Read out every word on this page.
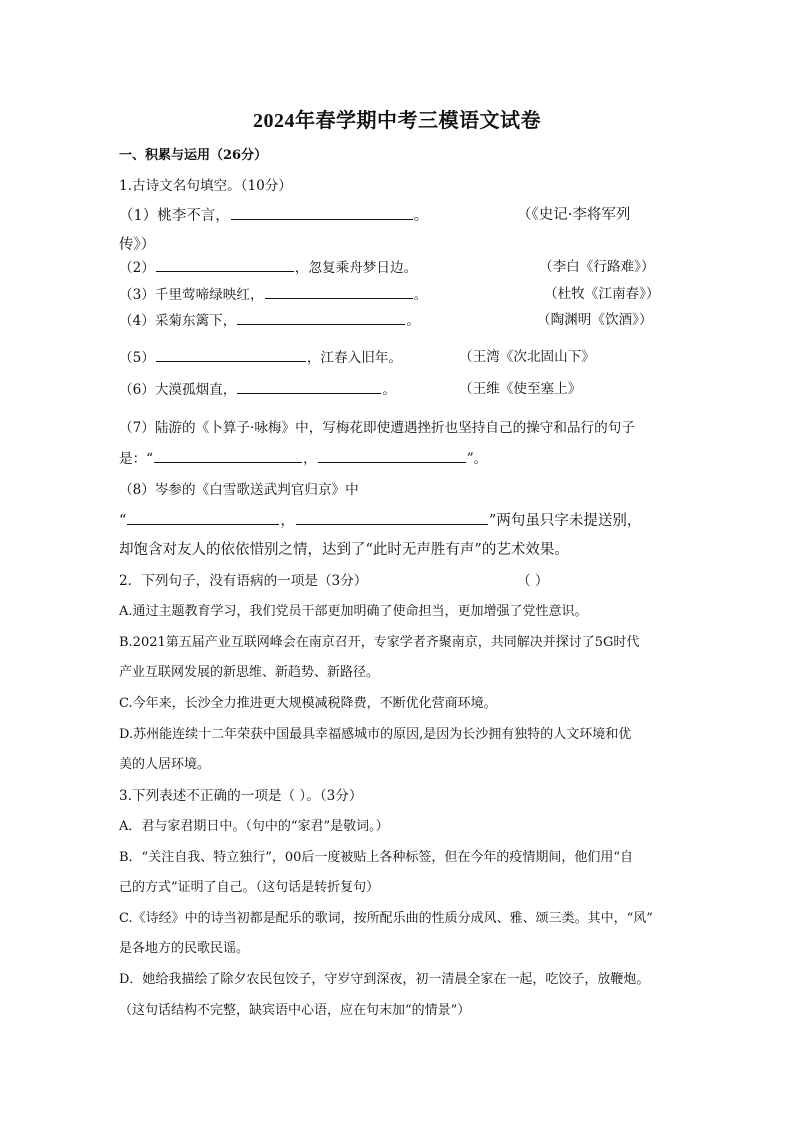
2024年春学期中考三模语文试卷
一、积累与运用（26分）
1.古诗文名句填空。（10分）
（1）桃李不言，	。	（《史记·李将军列
传》）
（2）	，忽复乘舟梦日边。	（李白《行路难》）
（3）千里莺啼绿映红，	。	（杜牧《江南春》）
（4）采菊东篱下，	。	（陶渊明《饮酒》）
（5）	，江春入旧年。	（王湾《次北固山下》
（6）大漠孤烟直，	。	（王维《使至塞上》
（7）陆游的《卜算子·咏梅》中，写梅花即使遭遇挫折也坚持自己的操守和品行的句子
是：“	，	”。
（8）岑参的《白雪歌送武判官归京》中
“	，	”两句虽只字未提送别，
却饱含对友人的依依惜别之情，达到了“此时无声胜有声”的艺术效果。
2．下列句子，没有语病的一项是（3分）	（ ）
A.通过主题教育学习，我们党员干部更加明确了使命担当，更加增强了党性意识。
B.2021第五届产业互联网峰会在南京召开，专家学者齐聚南京，共同解决并探讨了5G时代
产业互联网发展的新思维、新趋势、新路径。
C.今年来，长沙全力推进更大规模减税降费，不断优化营商环境。
D.苏州能连续十二年荣获中国最具幸福感城市的原因,是因为长沙拥有独特的人文环境和优
美的人居环境。
3.下列表述不正确的一项是（ ）。（3分）
A．君与家君期日中。（句中的“家君”是敬词。）
B．“关注自我、特立独行”，00后一度被贴上各种标签，但在今年的疫情期间，他们用“自
己的方式”证明了自己。（这句话是转折复句）
C.《诗经》中的诗当初都是配乐的歌词，按所配乐曲的性质分成风、雅、颂三类。其中，“风”
是各地方的民歌民谣。
D．她给我描绘了除夕农民包饺子，守岁守到深夜，初一清晨全家在一起，吃饺子，放鞭炮。
（这句话结构不完整，缺宾语中心语，应在句末加“的情景”）
